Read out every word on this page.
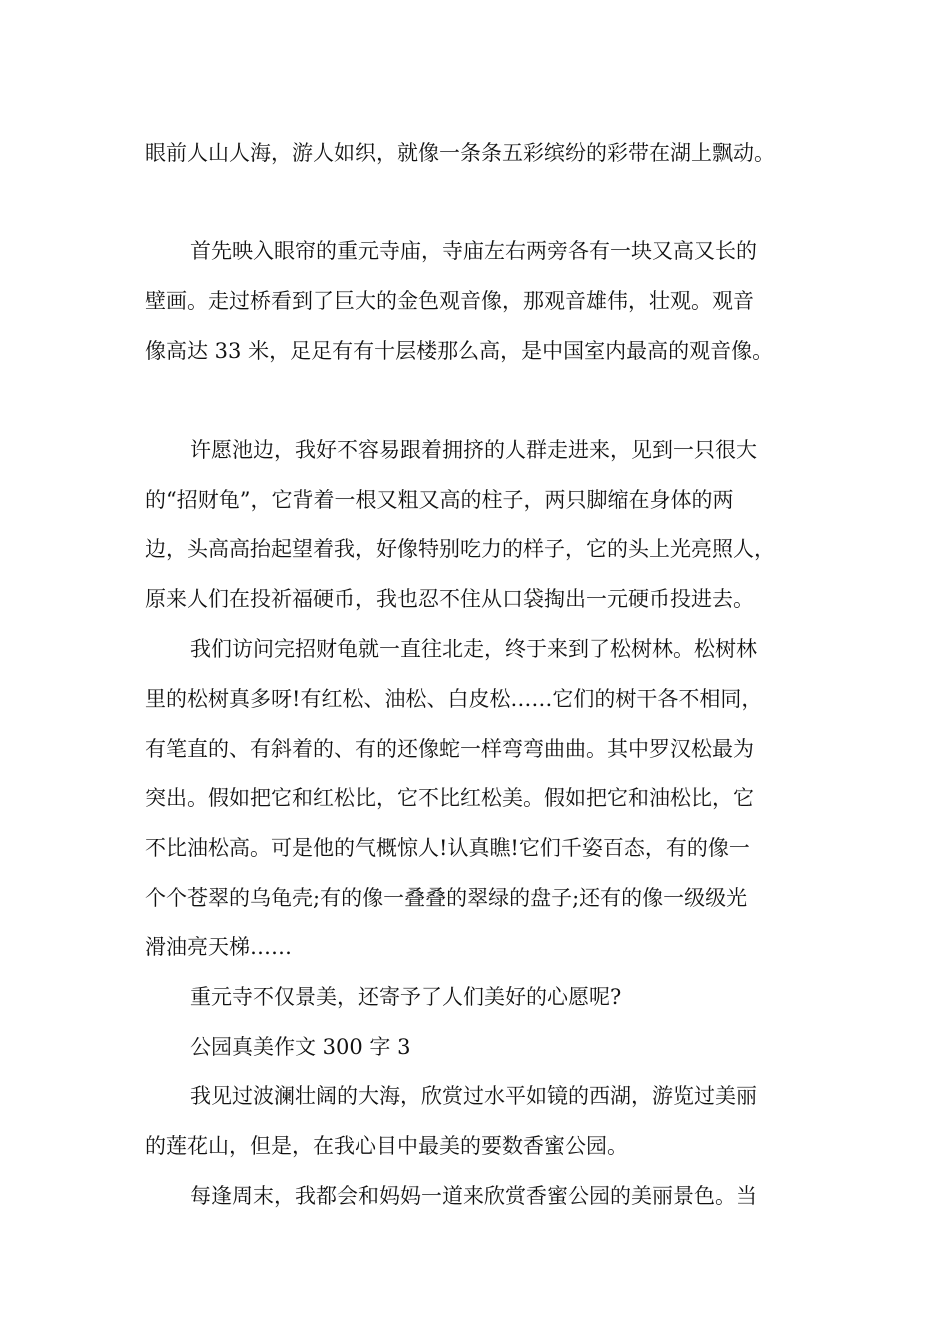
眼前人山人海，游人如织，就像一条条五彩缤纷的彩带在湖上飘动。
首先映入眼帘的重元寺庙，寺庙左右两旁各有一块又高又长的
壁画。走过桥看到了巨大的金色观音像，那观音雄伟，壮观。观音
像高达 33 米，足足有有十层楼那么高，是中国室内最高的观音像。
许愿池边，我好不容易跟着拥挤的人群走进来，见到一只很大
的“招财龟”，它背着一根又粗又高的柱子，两只脚缩在身体的两
边，头高高抬起望着我，好像特别吃力的样子，它的头上光亮照人，
原来人们在投祈福硬币，我也忍不住从口袋掏出一元硬币投进去。
我们访问完招财龟就一直往北走，终于来到了松树林。松树林
里的松树真多呀!有红松、油松、白皮松……它们的树干各不相同，
有笔直的、有斜着的、有的还像蛇一样弯弯曲曲。其中罗汉松最为
突出。假如把它和红松比，它不比红松美。假如把它和油松比，它
不比油松高。可是他的气概惊人!认真瞧!它们千姿百态，有的像一
个个苍翠的乌龟壳;有的像一叠叠的翠绿的盘子;还有的像一级级光
滑油亮天梯……
重元寺不仅景美，还寄予了人们美好的心愿呢?
公园真美作文 300 字 3
我见过波澜壮阔的大海，欣赏过水平如镜的西湖，游览过美丽
的莲花山，但是，在我心目中最美的要数香蜜公园。
每逢周末，我都会和妈妈一道来欣赏香蜜公园的美丽景色。当
